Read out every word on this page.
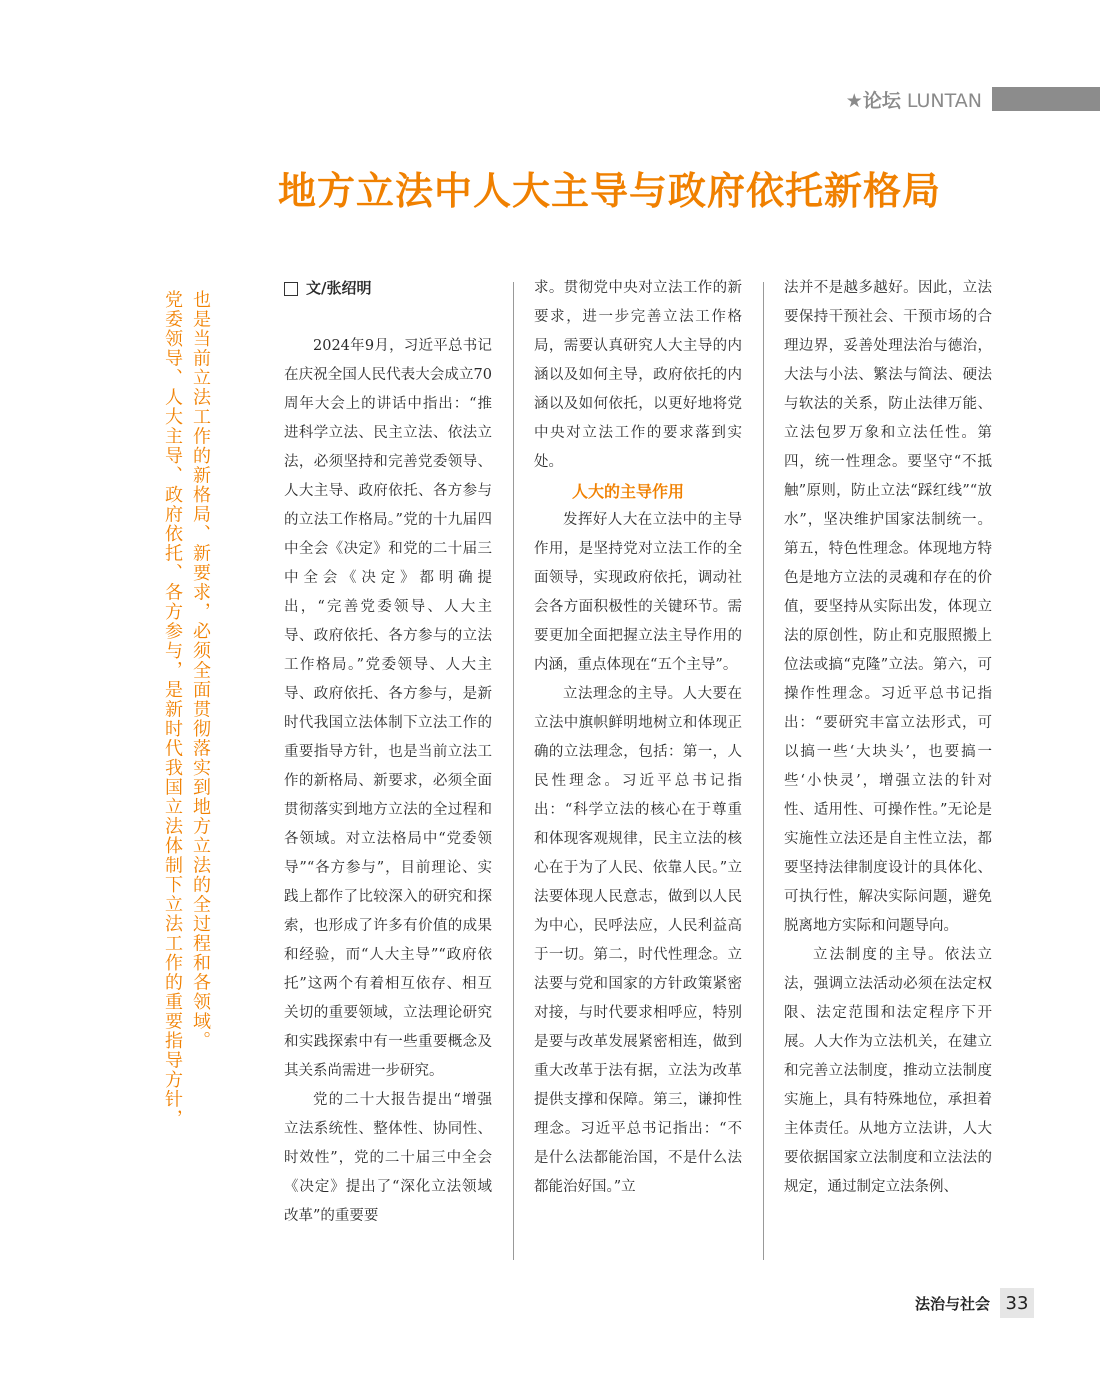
★论坛 LUNTAN
地方立法中人大主导与政府依托新格局
也是当前立法工作的新格局、新要求，必须全面贯彻落实到地方立法的全过程和各领域。
党委领导、人大主导、政府依托、各方参与，是新时代我国立法体制下立法工作的重要指导方针，

文/张绍明

2024年9月，习近平总书记在庆祝全国人民代表大会成立70周年大会上的讲话中指出：“推进科学立法、民主立法、依法立法，必须坚持和完善党委领导、人大主导、政府依托、各方参与的立法工作格局。”党的十九届四中全会《决定》和党的二十届三中全会《决定》都明确提出，“完善党委领导、人大主导、政府依托、各方参与的立法工作格局。”党委领导、人大主导、政府依托、各方参与，是新时代我国立法体制下立法工作的重要指导方针，也是当前立法工作的新格局、新要求，必须全面贯彻落实到地方立法的全过程和各领域。对立法格局中“党委领导”“各方参与”，目前理论、实践上都作了比较深入的研究和探索，也形成了许多有价值的成果和经验，而“人大主导”“政府依托”这两个有着相互依存、相互关切的重要领域，立法理论研究和实践探索中有一些重要概念及其关系尚需进一步研究。

党的二十大报告提出“增强立法系统性、整体性、协同性、时效性”，党的二十届三中全会《决定》提出了“深化立法领域改革”的重要要

求。贯彻党中央对立法工作的新要求，进一步完善立法工作格局，需要认真研究人大主导的内涵以及如何主导，政府依托的内涵以及如何依托，以更好地将党中央对立法工作的要求落到实处。

人大的主导作用

发挥好人大在立法中的主导作用，是坚持党对立法工作的全面领导，实现政府依托，调动社会各方面积极性的关键环节。需要更加全面把握立法主导作用的内涵，重点体现在“五个主导”。

立法理念的主导。人大要在立法中旗帜鲜明地树立和体现正确的立法理念，包括：第一，人民性理念。习近平总书记指出：“科学立法的核心在于尊重和体现客观规律，民主立法的核心在于为了人民、依靠人民。”立法要体现人民意志，做到以人民为中心，民呼法应，人民利益高于一切。第二，时代性理念。立法要与党和国家的方针政策紧密对接，与时代要求相呼应，特别是要与改革发展紧密相连，做到重大改革于法有据，立法为改革提供支撑和保障。第三，谦抑性理念。习近平总书记指出：“不是什么法都能治国，不是什么法都能治好国。”立

法并不是越多越好。因此，立法要保持干预社会、干预市场的合理边界，妥善处理法治与德治，大法与小法、繁法与简法、硬法与软法的关系，防止法律万能、立法包罗万象和立法任性。第四，统一性理念。要坚守“不抵触”原则，防止立法“踩红线”“放水”，坚决维护国家法制统一。第五，特色性理念。体现地方特色是地方立法的灵魂和存在的价值，要坚持从实际出发，体现立法的原创性，防止和克服照搬上位法或搞“克隆”立法。第六，可操作性理念。习近平总书记指出：“要研究丰富立法形式，可以搞一些‘大块头’，也要搞一些‘小快灵’，增强立法的针对性、适用性、可操作性。”无论是实施性立法还是自主性立法，都要坚持法律制度设计的具体化、可执行性，解决实际问题，避免脱离地方实际和问题导向。

立法制度的主导。依法立法，强调立法活动必须在法定权限、法定范围和法定程序下开展。人大作为立法机关，在建立和完善立法制度，推动立法制度实施上，具有特殊地位，承担着主体责任。从地方立法讲，人大要依据国家立法制度和立法法的规定，通过制定立法条例、

法治与社会 33
